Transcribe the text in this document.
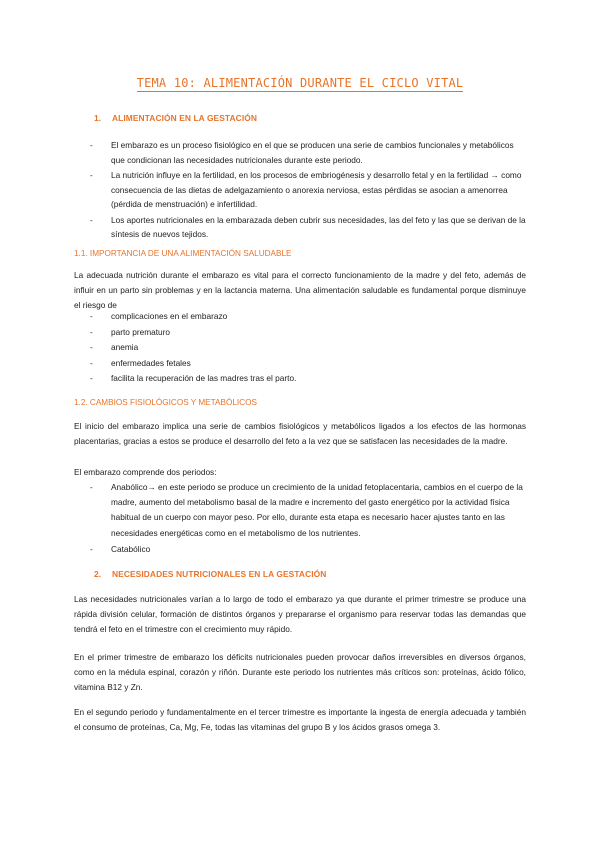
TEMA 10: ALIMENTACIÓN DURANTE EL CICLO VITAL
1. ALIMENTACIÓN EN LA GESTACIÓN
- El embarazo es un proceso fisiológico en el que se producen una serie de cambios funcionales y metabólicos que condicionan las necesidades nutricionales durante este periodo.
- La nutrición influye en la fertilidad, en los procesos de embriogénesis y desarrollo fetal y en la fertilidad → como consecuencia de las dietas de adelgazamiento o anorexia nerviosa, estas pérdidas se asocian a amenorrea (pérdida de menstruación) e infertilidad.
- Los aportes nutricionales en la embarazada deben cubrir sus necesidades, las del feto y las que se derivan de la síntesis de nuevos tejidos.
1.1. IMPORTANCIA DE UNA ALIMENTACIÓN SALUDABLE
La adecuada nutrición durante el embarazo es vital para el correcto funcionamiento de la madre y del feto, además de influir en un parto sin problemas y en la lactancia materna. Una alimentación saludable es fundamental porque disminuye el riesgo de
- complicaciones en el embarazo
- parto prematuro
- anemia
- enfermedades fetales
- facilita la recuperación de las madres tras el parto.
1.2. CAMBIOS FISIOLÓGICOS Y METABÓLICOS
El inicio del embarazo implica una serie de cambios fisiológicos y metabólicos ligados a los efectos de las hormonas placentarias, gracias a estos se produce el desarrollo del feto a la vez que se satisfacen las necesidades de la madre.
El embarazo comprende dos periodos:
- Anabólico→ en este periodo se produce un crecimiento de la unidad fetoplacentaria, cambios en el cuerpo de la madre, aumento del metabolismo basal de la madre e incremento del gasto energético por la actividad física habitual de un cuerpo con mayor peso. Por ello, durante esta etapa es necesario hacer ajustes tanto en las necesidades energéticas como en el metabolismo de los nutrientes.
- Catabólico
2. NECESIDADES NUTRICIONALES EN LA GESTACIÓN
Las necesidades nutricionales varían a lo largo de todo el embarazo ya que durante el primer trimestre se produce una rápida división celular, formación de distintos órganos y prepararse el organismo para reservar todas las demandas que tendrá el feto en el trimestre con el crecimiento muy rápido.
En el primer trimestre de embarazo los déficits nutricionales pueden provocar daños irreversibles en diversos órganos, como en la médula espinal, corazón y riñón. Durante este periodo los nutrientes más críticos son: proteínas, ácido fólico, vitamina B12 y Zn.
En el segundo periodo y fundamentalmente en el tercer trimestre es importante la ingesta de energía adecuada y también el consumo de proteínas, Ca, Mg, Fe, todas las vitaminas del grupo B y los ácidos grasos omega 3.
